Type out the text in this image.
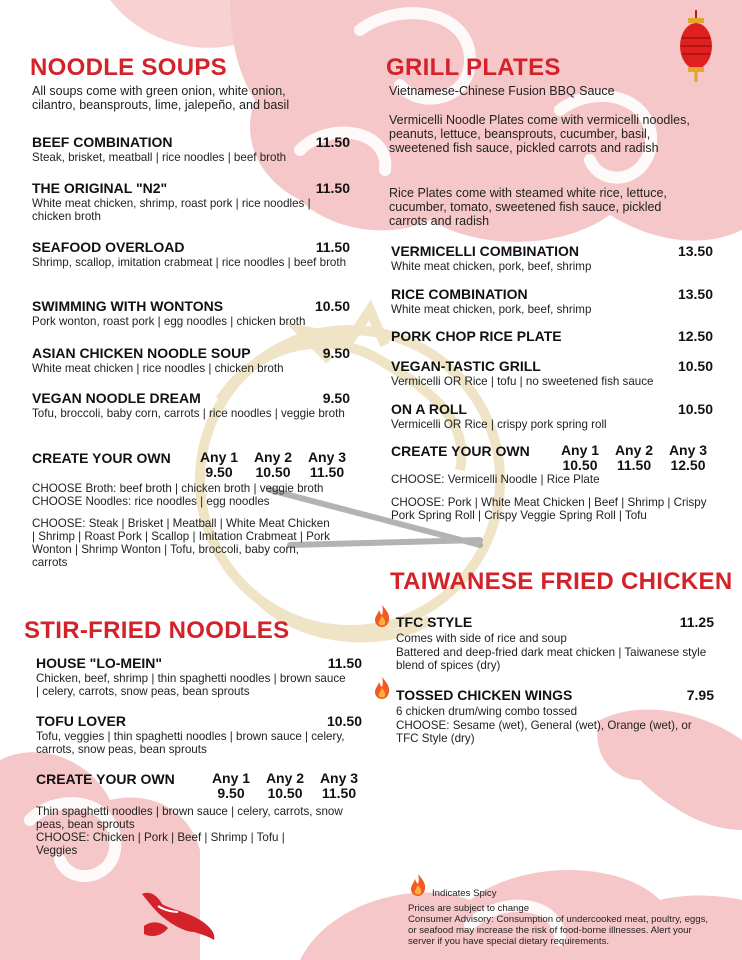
NOODLE SOUPS
All soups come with green onion, white onion, cilantro, beansprouts, lime, jalepeño, and basil
BEEF COMBINATION	11.50
Steak, brisket, meatball | rice noodles | beef broth
THE ORIGINAL "N2"	11.50
White meat chicken, shrimp, roast pork | rice noodles | chicken broth
SEAFOOD OVERLOAD	11.50
Shrimp, scallop, imitation crabmeat | rice noodles | beef broth
SWIMMING WITH WONTONS	10.50
Pork wonton, roast pork | egg noodles | chicken broth
ASIAN CHICKEN NOODLE SOUP	9.50
White meat chicken | rice noodles | chicken broth
VEGAN NOODLE DREAM	9.50
Tofu, broccoli, baby corn, carrots | rice noodles | veggie broth
CREATE YOUR OWN	Any 1	Any 2	Any 3
9.50	10.50	11.50
CHOOSE Broth: beef broth | chicken broth | veggie broth
CHOOSE Noodles: rice noodles | egg noodles
CHOOSE: Steak | Brisket | Meatball | White Meat Chicken | Shrimp | Roast Pork | Scallop | Imitation Crabmeat | Pork Wonton | Shrimp Wonton | Tofu, broccoli, baby corn, carrots
STIR-FRIED NOODLES
HOUSE "LO-MEIN"	11.50
Chicken, beef, shrimp | thin spaghetti noodles | brown sauce | celery, carrots, snow peas, bean sprouts
TOFU LOVER	10.50
Tofu, veggies | thin spaghetti noodles | brown sauce | celery, carrots, snow peas, bean sprouts
CREATE YOUR OWN	Any 1	Any 2	Any 3
9.50	10.50	11.50
Thin spaghetti noodles | brown sauce | celery, carrots, snow peas, bean sprouts
CHOOSE: Chicken | Pork | Beef | Shrimp | Tofu | Veggies
GRILL PLATES
Vietnamese-Chinese Fusion BBQ Sauce
Vermicelli Noodle Plates come with vermicelli noodles, peanuts, lettuce, beansprouts, cucumber, basil, sweetened fish sauce, pickled carrots and radish
Rice Plates come with steamed white rice, lettuce, cucumber, tomato, sweetened fish sauce, pickled carrots and radish
VERMICELLI COMBINATION	13.50
White meat chicken, pork, beef, shrimp
RICE COMBINATION	13.50
White meat chicken, pork, beef, shrimp
PORK CHOP RICE PLATE	12.50
VEGAN-TASTIC GRILL	10.50
Vermicelli OR Rice | tofu | no sweetened fish sauce
ON A ROLL	10.50
Vermicelli OR Rice | crispy pork spring roll
CREATE YOUR OWN	Any 1	Any 2	Any 3
10.50	11.50	12.50
CHOOSE: Vermicelli Noodle | Rice Plate
CHOOSE: Pork | White Meat Chicken | Beef | Shrimp | Crispy Pork Spring Roll | Crispy Veggie Spring Roll | Tofu
TAIWANESE FRIED CHICKEN
TFC STYLE	11.25
Comes with side of rice and soup
Battered and deep-fried dark meat chicken | Taiwanese style blend of spices (dry)
TOSSED CHICKEN WINGS	7.95
6 chicken drum/wing combo tossed
CHOOSE: Sesame (wet), General (wet), Orange (wet), or TFC Style (dry)
Indicates Spicy
Prices are subject to change
Consumer Advisory: Consumption of undercooked meat, poultry, eggs, or seafood may increase the risk of food-borne illnesses. Alert your server if you have special dietary requirements.
